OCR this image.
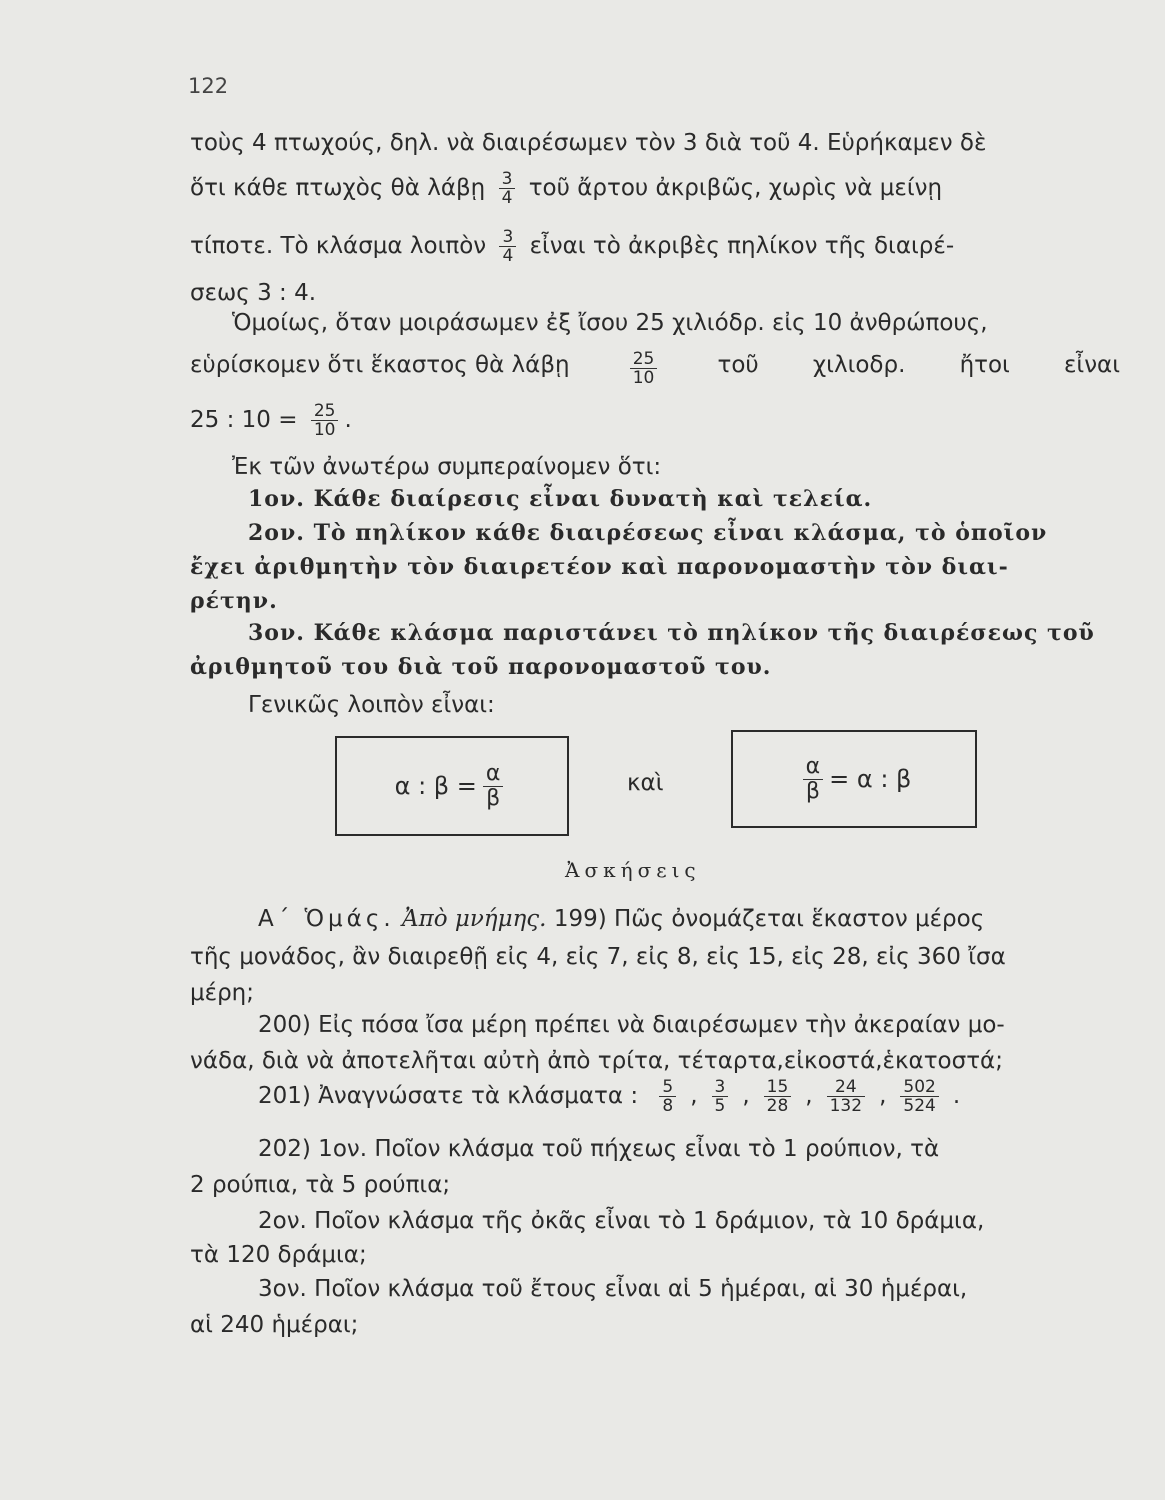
122
τοὺς 4 πτωχούς, δηλ. νὰ διαιρέσωμεν τὸν 3 διὰ τοῦ 4. Εὑρήκαμεν δὲ
ὅτι κάθε πτωχὸς θὰ λάβῃ $\frac{3}{4}$ τοῦ ἄρτου ἀκριβῶς, χωρὶς νὰ μείνῃ
τίποτε. Τὸ κλάσμα λοιπὸν $\frac{3}{4}$ εἶναι τὸ ἀκριβὲς πηλίκον τῆς διαιρέ-
σεως 3 : 4.
Ὁμοίως, ὅταν μοιράσωμεν ἐξ ἴσου 25 χιλιόδρ. εἰς 10 ἀνθρώπους,
εὑρίσκομεν ὅτι ἕκαστος θὰ λάβῃ	$\frac{25}{10}$	τοῦ χιλιοδρ. ἤτοι εἶναι
25 : $10 = \frac{25}{10}$ .
Ἐκ τῶν ἀνωτέρω συμπεραίνομεν ὅτι:
1ον. Κάθε διαίρεσις εἶναι δυνατὴ καὶ τελεία.
2ον. Τὸ πηλίκον κάθε διαιρέσεως εἶναι κλάσμα, τὸ ὁποῖον
ἔχει ἀριθμητὴν τὸν διαιρετέον καὶ παρονομαστὴν τὸν διαι-
ρέτην.
3ον. Κάθε κλάσμα παριστάνει τὸ πηλίκον τῆς διαιρέσεως τοῦ
ἀριθμητοῦ του διὰ τοῦ παρονομαστοῦ του.
Γενικῶς λοιπὸν εἶναι:
α : $\beta = \frac{\alpha}{\beta}$	καὶ	$\frac{\alpha}{\beta} = \alpha$ : β
Ἀσκήσεις
Α΄ Ὁμάς. Ἀπὸ μνήμης. 199) Πῶς ὀνομάζεται ἕκαστον μέρος
τῆς μονάδος, ἂν διαιρεθῇ εἰς 4, εἰς 7, εἰς 8, εἰς 15, εἰς 28, εἰς 360 ἴσα
μέρη;
200) Εἰς πόσα ἴσα μέρη πρέπει νὰ διαιρέσωμεν τὴν ἀκεραίαν μο-
νάδα, διὰ νὰ ἀποτελῆται αὐτὴ ἀπὸ τρίτα, τέταρτα,εἰκοστά,ἑκατοστά;
201) Ἀναγνώσατε τὰ κλάσματα : $\frac{5}{8}$ , $\frac{3}{5}$ , $\frac{15}{28}$ , $\frac{24}{132}$ , $\frac{502}{524}$ .
202) 1ον. Ποῖον κλάσμα τοῦ πήχεως εἶναι τὸ 1 ρούπιον, τὰ
2 ρούπια, τὰ 5 ρούπια;
2ον. Ποῖον κλάσμα τῆς ὀκᾶς εἶναι τὸ 1 δράμιον, τὰ 10 δράμια,
τὰ 120 δράμια;
3ον. Ποῖον κλάσμα τοῦ ἔτους εἶναι αἱ 5 ἡμέραι, αἱ 30 ἡμέραι,
αἱ 240 ἡμέραι;
